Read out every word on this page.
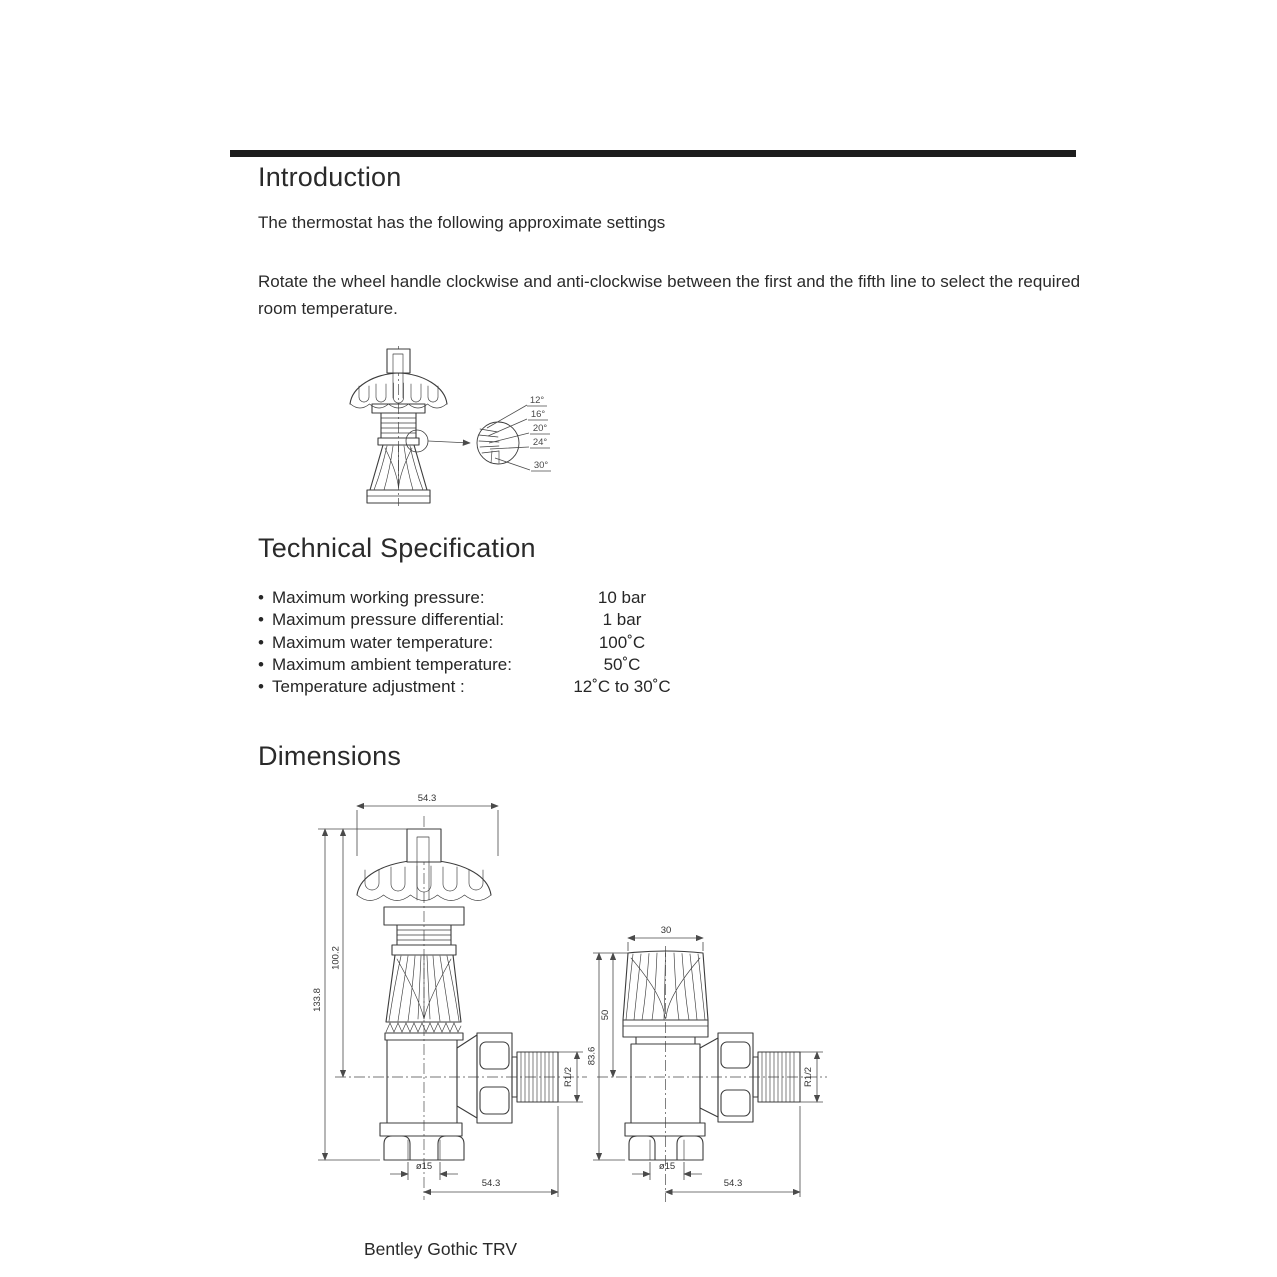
Introduction
The thermostat has the following approximate settings
Rotate the wheel handle clockwise and anti-clockwise between the first and the fifth line to select the required room temperature.
12°
16°
20°
24°
30°
Technical Specification
• Maximum working pressure:	10 bar
• Maximum pressure differential:	1 bar
• Maximum water temperature:	100˚C
• Maximum ambient temperature:	50˚C
• Temperature adjustment :	12˚C to 30˚C
Dimensions
54.3
133.8
100.2
R1/2
ø15
54.3
30
50
83.6
R1/2
ø15
54.3
Bentley Gothic TRV
